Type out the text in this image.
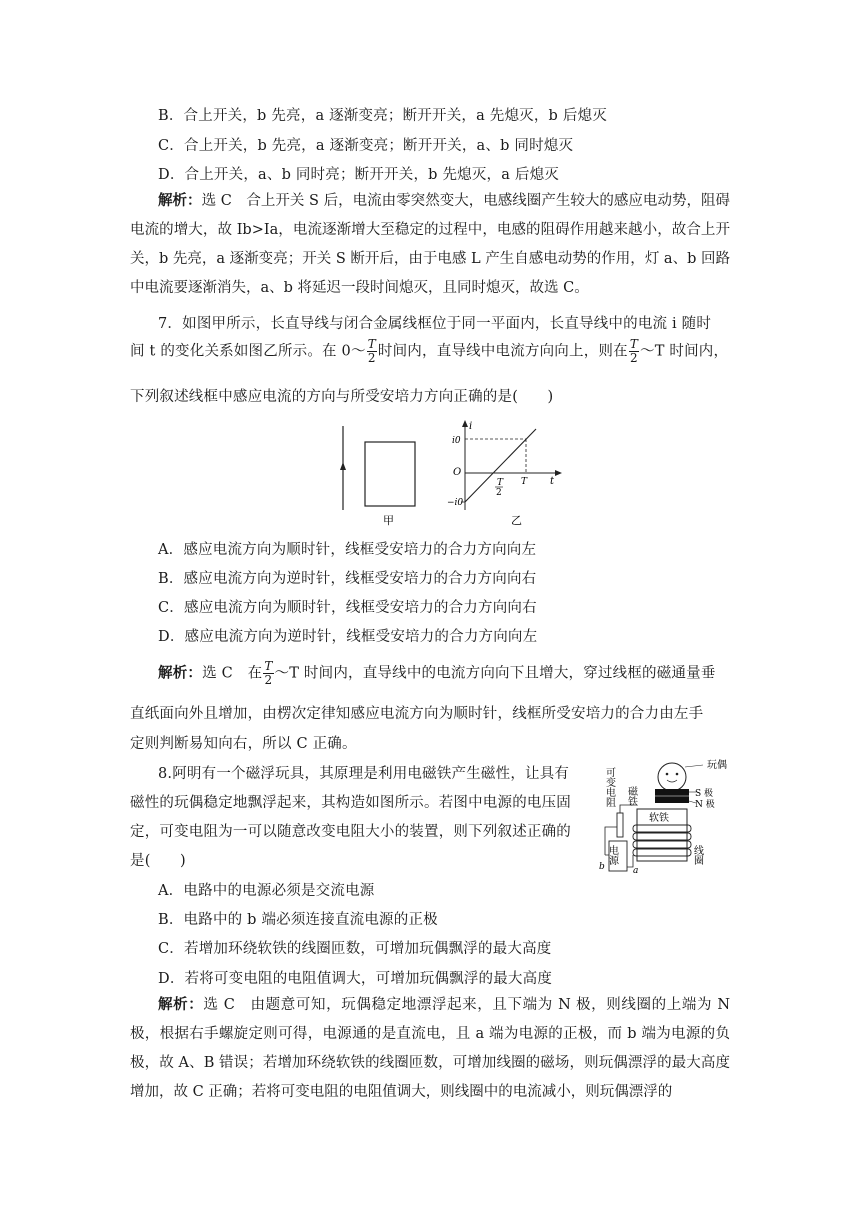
B．合上开关，b 先亮，a 逐渐变亮；断开开关，a 先熄灭，b 后熄灭
C．合上开关，b 先亮，a 逐渐变亮；断开开关，a、b 同时熄灭
D．合上开关，a、b 同时亮；断开开关，b 先熄灭，a 后熄灭
解析：选 C　合上开关 S 后，电流由零突然变大，电感线圈产生较大的感应电动势，阻碍电流的增大，故 Ib>Ia，电流逐渐增大至稳定的过程中，电感的阻碍作用越来越小，故合上开关，b 先亮，a 逐渐变亮；开关 S 断开后，由于电感 L 产生自感电动势的作用，灯 a、b 回路中电流要逐渐消失，a、b 将延迟一段时间熄灭，且同时熄灭，故选 C。
7．如图甲所示，长直导线与闭合金属线框位于同一平面内，长直导线中的电流 i 随时
间 t 的变化关系如图乙所示。在 0～ $\frac{T}{2}$ 时间内，直导线中电流方向向上，则在 $\frac{T}{2}$ ～T 时间内，
下列叙述线框中感应电流的方向与所受安培力方向正确的是(　　)
甲
i
t
O
i0
−i0
T
2
T
乙
A．感应电流方向为顺时针，线框受安培力的合力方向向左
B．感应电流方向为逆时针，线框受安培力的合力方向向右
C．感应电流方向为顺时针，线框受安培力的合力方向向右
D．感应电流方向为逆时针，线框受安培力的合力方向向左
解析：选 C　在 $\frac{T}{2}$ ～T 时间内，直导线中的电流方向向下且增大，穿过线框的磁通量垂
直纸面向外且增加，由楞次定律知感应电流方向为顺时针，线框所受安培力的合力由左手
定则判断易知向右，所以 C 正确。
8.阿明有一个磁浮玩具，其原理是利用电磁铁产生磁性，让具有
磁性的玩偶稳定地飘浮起来，其构造如图所示。若图中电源的电压固
定，可变电阻为一可以随意改变电阻大小的装置，则下列叙述正确的
是(　　)
玩偶
磁铁	S 极
N 极
可变电阻
软铁
线圈
电源
b	a
A．电路中的电源必须是交流电源
B．电路中的 b 端必须连接直流电源的正极
C．若增加环绕软铁的线圈匝数，可增加玩偶飘浮的最大高度
D．若将可变电阻的电阻值调大，可增加玩偶飘浮的最大高度
解析：选 C　由题意可知，玩偶稳定地漂浮起来，且下端为 N 极，则线圈的上端为 N 极，根据右手螺旋定则可得，电源通的是直流电，且 a 端为电源的正极，而 b 端为电源的负极，故 A、B 错误；若增加环绕软铁的线圈匝数，可增加线圈的磁场，则玩偶漂浮的最大高度增加，故 C 正确；若将可变电阻的电阻值调大，则线圈中的电流减小，则玩偶漂浮的
